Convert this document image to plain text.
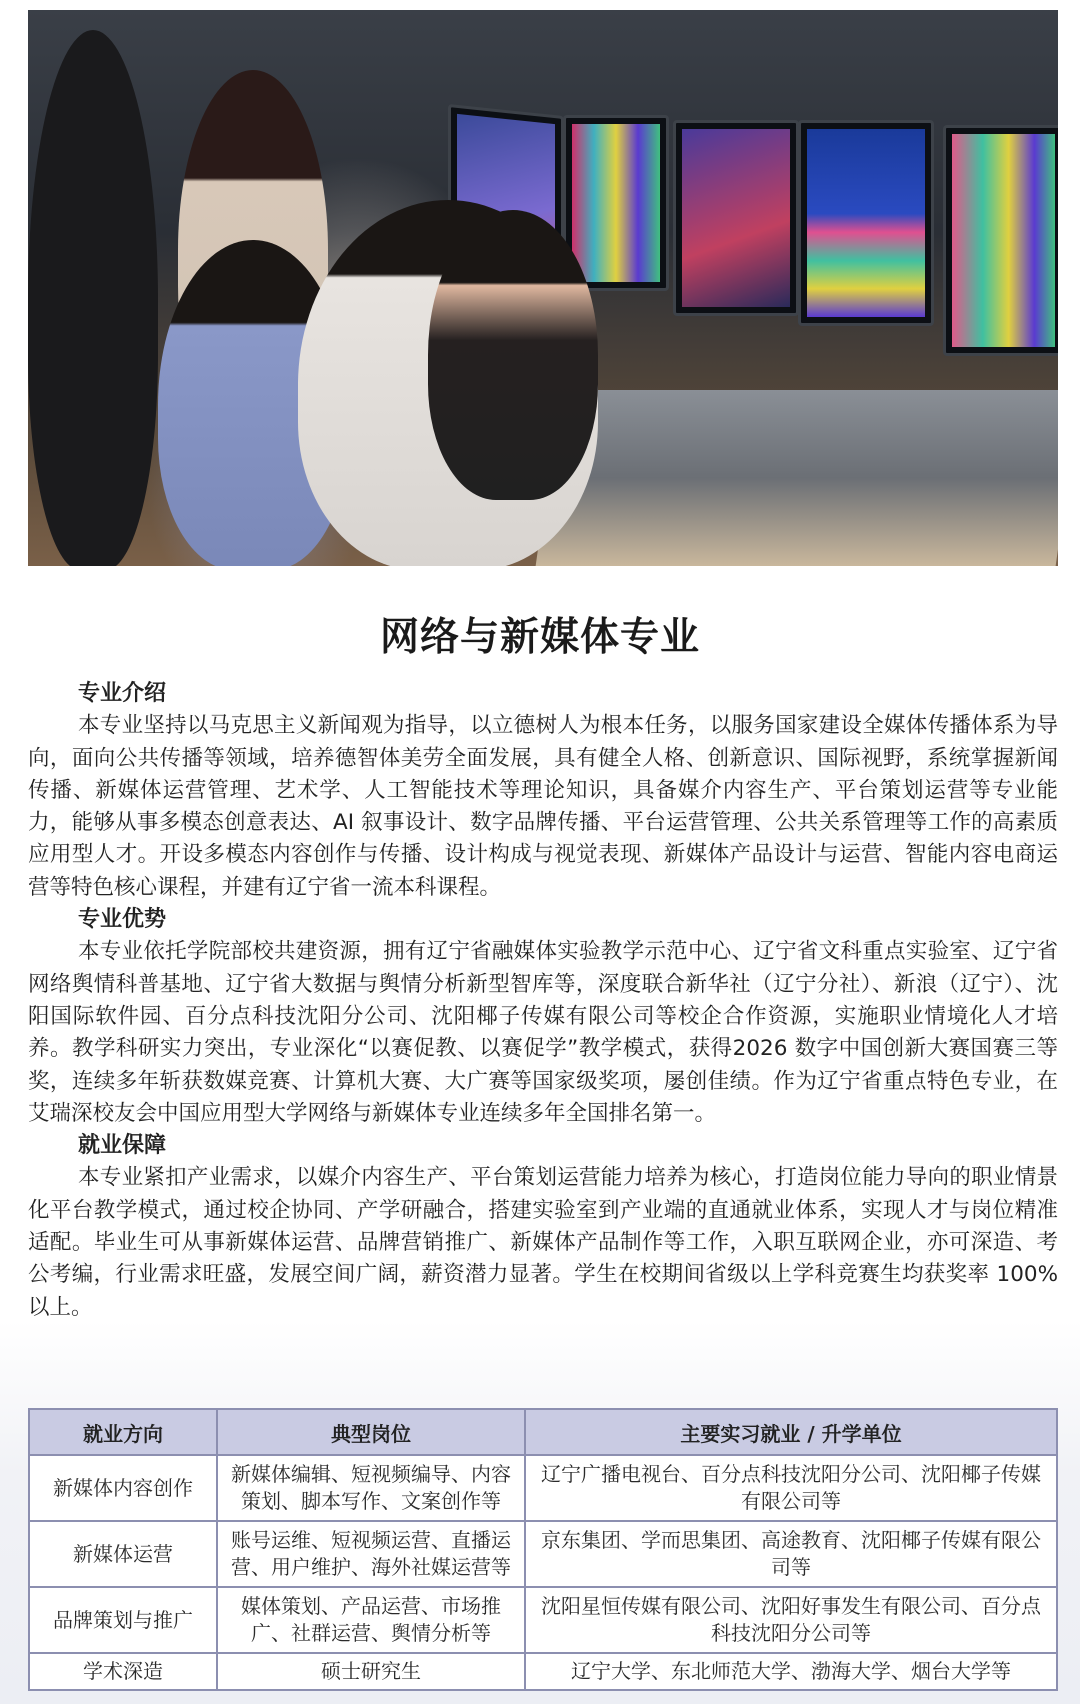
网络与新媒体专业
专业介绍

本专业坚持以马克思主义新闻观为指导，以立德树人为根本任务，以服务国家建设全媒体传播体系为导向，面向公共传播等领域，培养德智体美劳全面发展，具有健全人格、创新意识、国际视野，系统掌握新闻传播、新媒体运营管理、艺术学、人工智能技术等理论知识，具备媒介内容生产、平台策划运营等专业能力，能够从事多模态创意表达、AI 叙事设计、数字品牌传播、平台运营管理、公共关系管理等工作的高素质应用型人才。开设多模态内容创作与传播、设计构成与视觉表现、新媒体产品设计与运营、智能内容电商运营等特色核心课程，并建有辽宁省一流本科课程。

专业优势

本专业依托学院部校共建资源，拥有辽宁省融媒体实验教学示范中心、辽宁省文科重点实验室、辽宁省网络舆情科普基地、辽宁省大数据与舆情分析新型智库等，深度联合新华社（辽宁分社）、新浪（辽宁）、沈阳国际软件园、百分点科技沈阳分公司、沈阳椰子传媒有限公司等校企合作资源，实施职业情境化人才培养。教学科研实力突出，专业深化“以赛促教、以赛促学”教学模式，获得2026 数字中国创新大赛国赛三等奖，连续多年斩获数媒竞赛、计算机大赛、大广赛等国家级奖项，屡创佳绩。作为辽宁省重点特色专业，在艾瑞深校友会中国应用型大学网络与新媒体专业连续多年全国排名第一。

就业保障

本专业紧扣产业需求，以媒介内容生产、平台策划运营能力培养为核心，打造岗位能力导向的职业情景化平台教学模式，通过校企协同、产学研融合，搭建实验室到产业端的直通就业体系，实现人才与岗位精准适配。毕业生可从事新媒体运营、品牌营销推广、新媒体产品制作等工作，入职互联网企业，亦可深造、考公考编，行业需求旺盛，发展空间广阔，薪资潜力显著。学生在校期间省级以上学科竞赛生均获奖率 100% 以上。

就业方向	典型岗位	主要实习就业 / 升学单位
新媒体内容创作	新媒体编辑、短视频编导、内容策划、脚本写作、文案创作等	辽宁广播电视台、百分点科技沈阳分公司、沈阳椰子传媒有限公司等
新媒体运营	账号运维、短视频运营、直播运营、用户维护、海外社媒运营等	京东集团、学而思集团、高途教育、沈阳椰子传媒有限公司等
品牌策划与推广	媒体策划、产品运营、市场推广、社群运营、舆情分析等	沈阳星恒传媒有限公司、沈阳好事发生有限公司、百分点科技沈阳分公司等
学术深造	硕士研究生	辽宁大学、东北师范大学、渤海大学、烟台大学等
